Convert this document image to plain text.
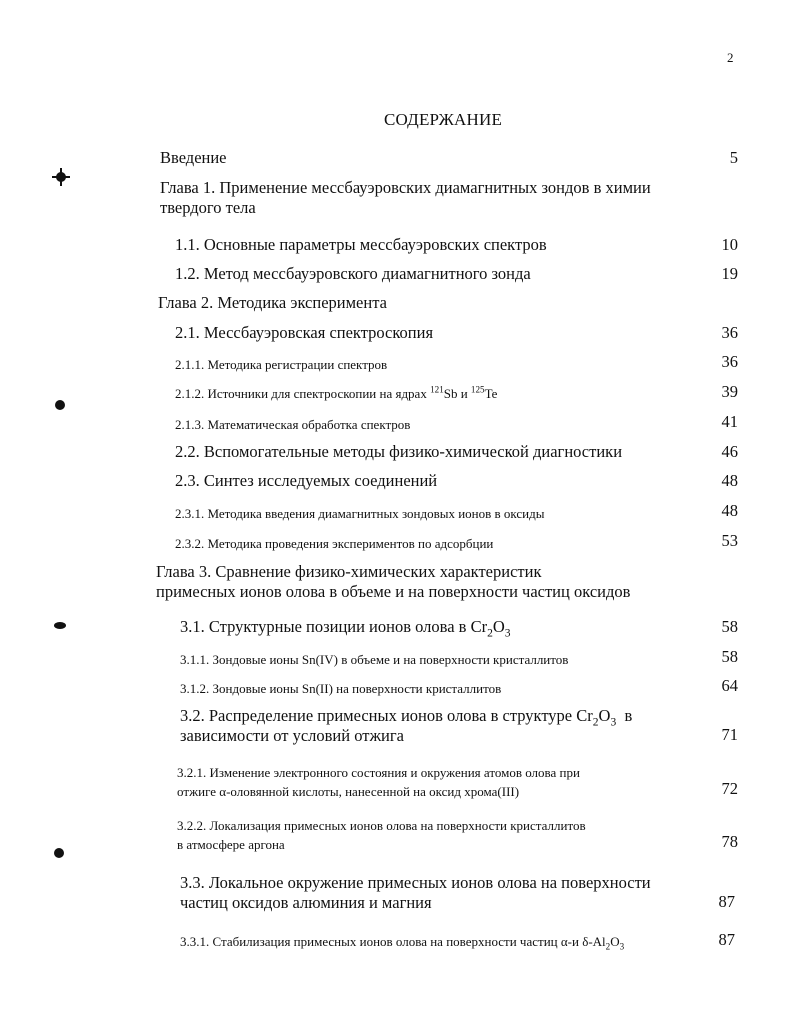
2
СОДЕРЖАНИЕ
Введение	5
Глава 1. Применение мессбауэровских диамагнитных зондов в химии
твердого тела
1.1. Основные параметры мессбауэровских спектров	10
1.2. Метод мессбауэровского диамагнитного зонда	19
Глава 2. Методика эксперимента
2.1. Мессбауэровская спектроскопия	36
2.1.1. Методика регистрации спектров	36
2.1.2. Источники для спектроскопии на ядрах $^{121}$Sb и $^{125}$Te	39
2.1.3. Математическая обработка спектров	41
2.2. Вспомогательные методы физико-химической диагностики	46
2.3. Синтез исследуемых соединений	48
2.3.1. Методика введения диамагнитных зондовых ионов в оксиды	48
2.3.2. Методика проведения экспериментов по адсорбции	53
Глава 3. Сравнение физико-химических характеристик
примесных ионов олова в объеме и на поверхности частиц оксидов
3.1. Структурные позиции ионов олова в $Cr_2O_3$	58
3.1.1. Зондовые ионы Sn(IV) в объеме и на поверхности кристаллитов	58
3.1.2. Зондовые ионы Sn(II) на поверхности кристаллитов	64
3.2. Распределение примесных ионов олова в структуре $Cr_2O_3$  в
зависимости от условий отжига	71
3.2.1. Изменение электронного состояния и окружения атомов олова при
отжиге α-оловянной кислоты, нанесенной на оксид хрома(III)	72
3.2.2. Локализация примесных ионов олова на поверхности кристаллитов
в атмосфере аргона	78
3.3. Локальное окружение примесных ионов олова на поверхности
частиц оксидов алюминия и магния	87
3.3.1. Стабилизация примесных ионов олова на поверхности частиц α-и $\delta-Al_2O_3$	87
